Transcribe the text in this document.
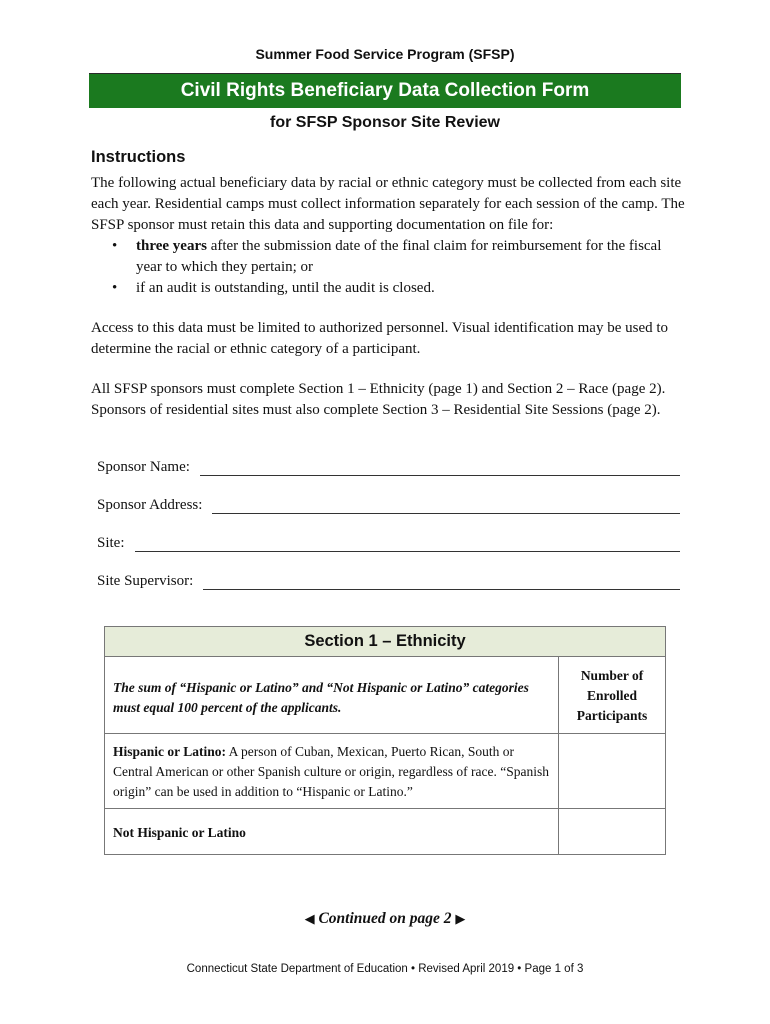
Summer Food Service Program (SFSP)
Civil Rights Beneficiary Data Collection Form
for SFSP Sponsor Site Review
Instructions
The following actual beneficiary data by racial or ethnic category must be collected from each site each year. Residential camps must collect information separately for each session of the camp. The SFSP sponsor must retain this data and supporting documentation on file for:
• three years after the submission date of the final claim for reimbursement for the fiscal year to which they pertain; or
• if an audit is outstanding, until the audit is closed.
Access to this data must be limited to authorized personnel. Visual identification may be used to determine the racial or ethnic category of a participant.
All SFSP sponsors must complete Section 1 – Ethnicity (page 1) and Section 2 – Race (page 2). Sponsors of residential sites must also complete Section 3 – Residential Site Sessions (page 2).
Sponsor Name:
Sponsor Address:
Site:
Site Supervisor:
Section 1 – Ethnicity
The sum of “Hispanic or Latino” and “Not Hispanic or Latino” categories must equal 100 percent of the applicants.
Number of
Enrolled
Participants
Hispanic or Latino: A person of Cuban, Mexican, Puerto Rican, South or Central American or other Spanish culture or origin, regardless of race. “Spanish origin” can be used in addition to “Hispanic or Latino.”
Not Hispanic or Latino
◀ Continued on page 2 ▶
Connecticut State Department of Education • Revised April 2019 • Page 1 of 3
